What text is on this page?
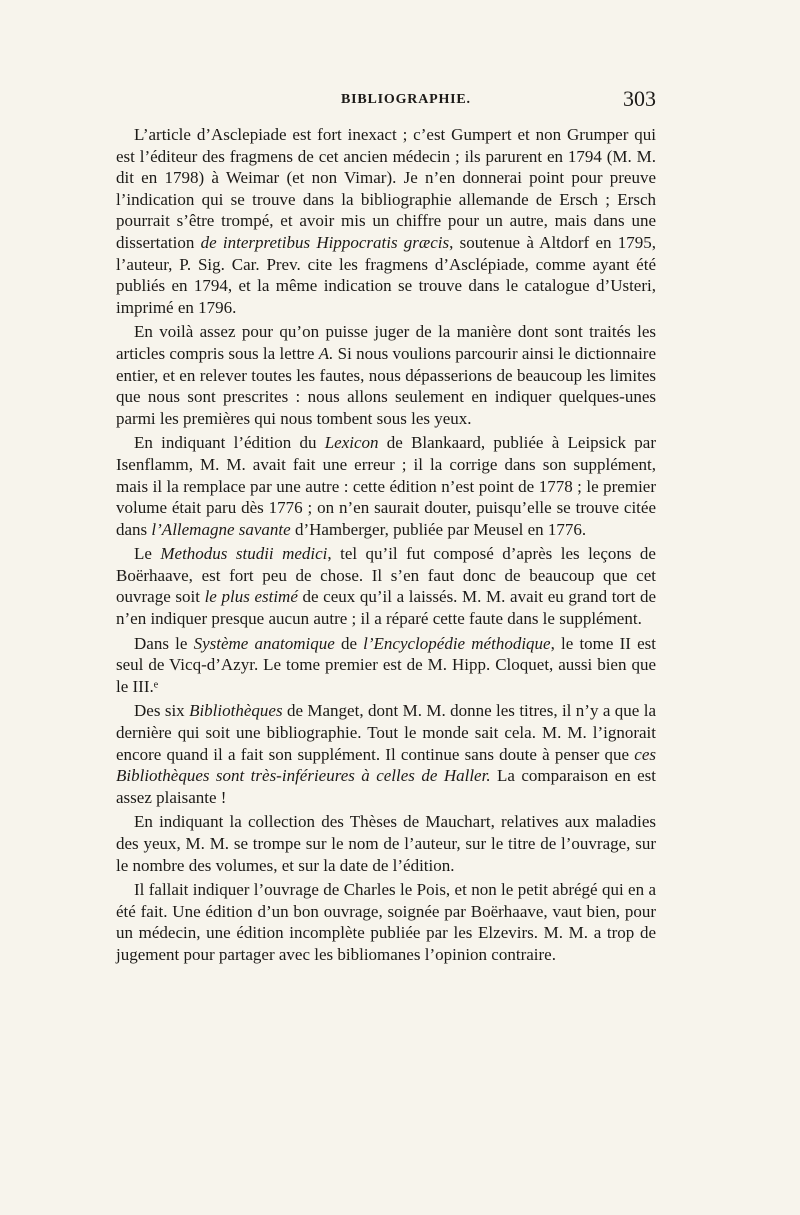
BIBLIOGRAPHIE.	303

L’article d’Asclepiade est fort inexact ; c’est Gumpert et non Grumper qui est l’éditeur des fragmens de cet ancien médecin ; ils parurent en 1794 (M. M. dit en 1798) à Weimar (et non Vimar). Je n’en donnerai point pour preuve l’indication qui se trouve dans la bibliographie allemande de Ersch ; Ersch pourrait s’être trompé, et avoir mis un chiffre pour un autre, mais dans une dissertation de interpretibus Hippocratis græcis, soutenue à Altdorf en 1795, l’auteur, P. Sig. Car. Prev. cite les fragmens d’Asclépiade, comme ayant été publiés en 1794, et la même indication se trouve dans le catalogue d’Usteri, imprimé en 1796.

En voilà assez pour qu’on puisse juger de la manière dont sont traités les articles compris sous la lettre A. Si nous voulions parcourir ainsi le dictionnaire entier, et en relever toutes les fautes, nous dépasserions de beaucoup les limites que nous sont prescrites : nous allons seulement en indiquer quelques-unes parmi les premières qui nous tombent sous les yeux.

En indiquant l’édition du Lexicon de Blankaard, publiée à Leipsick par Isenflamm, M. M. avait fait une erreur ; il la corrige dans son supplément, mais il la remplace par une autre : cette édition n’est point de 1778 ; le premier volume était paru dès 1776 ; on n’en saurait douter, puisqu’elle se trouve citée dans l’Allemagne savante d’Hamberger, publiée par Meusel en 1776.

Le Methodus studii medici, tel qu’il fut composé d’après les leçons de Boërhaave, est fort peu de chose. Il s’en faut donc de beaucoup que cet ouvrage soit le plus estimé de ceux qu’il a laissés. M. M. avait eu grand tort de n’en indiquer presque aucun autre ; il a réparé cette faute dans le supplément.

Dans le Système anatomique de l’Encyclopédie méthodique, le tome II est seul de Vicq-d’Azyr. Le tome premier est de M. Hipp. Cloquet, aussi bien que le III.ᵉ

Des six Bibliothèques de Manget, dont M. M. donne les titres, il n’y a que la dernière qui soit une bibliographie. Tout le monde sait cela. M. M. l’ignorait encore quand il a fait son supplément. Il continue sans doute à penser que ces Bibliothèques sont très-inférieures à celles de Haller. La comparaison en est assez plaisante !

En indiquant la collection des Thèses de Mauchart, relatives aux maladies des yeux, M. M. se trompe sur le nom de l’auteur, sur le titre de l’ouvrage, sur le nombre des volumes, et sur la date de l’édition.

Il fallait indiquer l’ouvrage de Charles le Pois, et non le petit abrégé qui en a été fait. Une édition d’un bon ouvrage, soignée par Boërhaave, vaut bien, pour un médecin, une édition incomplète publiée par les Elzevirs. M. M. a trop de jugement pour partager avec les bibliomanes l’opinion contraire.
